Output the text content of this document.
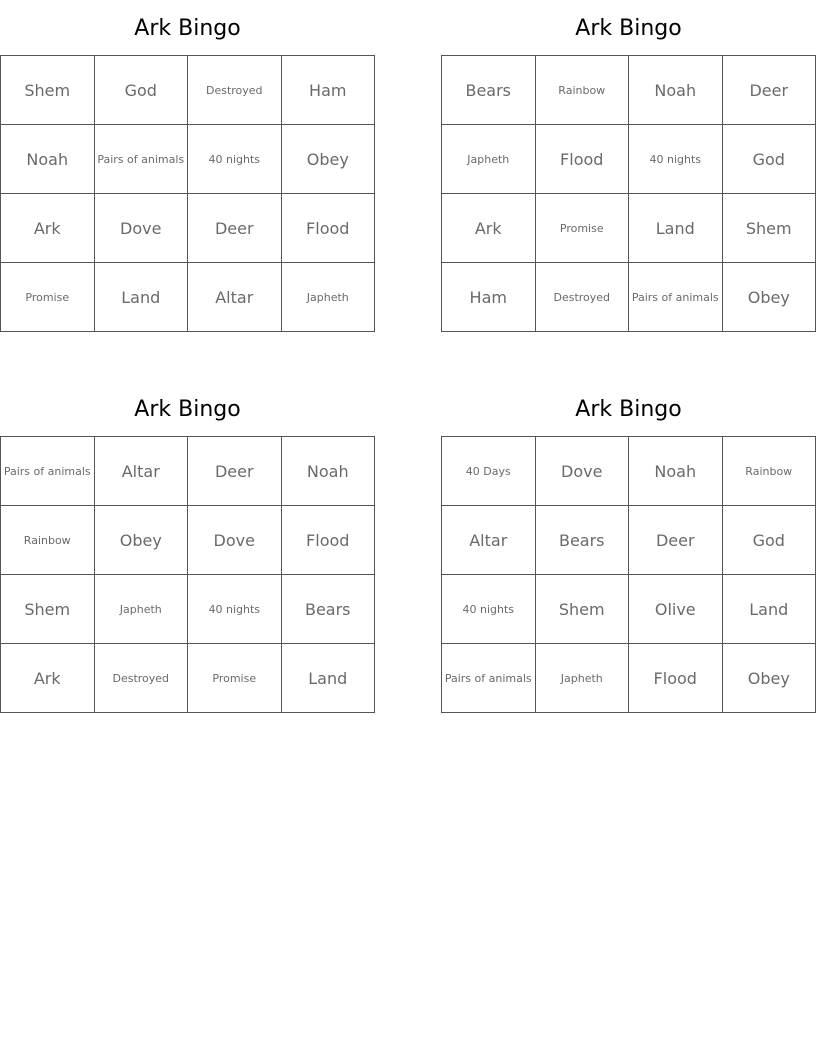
Ark Bingo
Shem	God	Destroyed	Ham
Noah	Pairs of animals	40 nights	Obey
Ark	Dove	Deer	Flood
Promise	Land	Altar	Japheth
Ark Bingo
Bears	Rainbow	Noah	Deer
Japheth	Flood	40 nights	God
Ark	Promise	Land	Shem
Ham	Destroyed	Pairs of animals	Obey
Ark Bingo
Pairs of animals	Altar	Deer	Noah
Rainbow	Obey	Dove	Flood
Shem	Japheth	40 nights	Bears
Ark	Destroyed	Promise	Land
Ark Bingo
40 Days	Dove	Noah	Rainbow
Altar	Bears	Deer	God
40 nights	Shem	Olive	Land
Pairs of animals	Japheth	Flood	Obey
